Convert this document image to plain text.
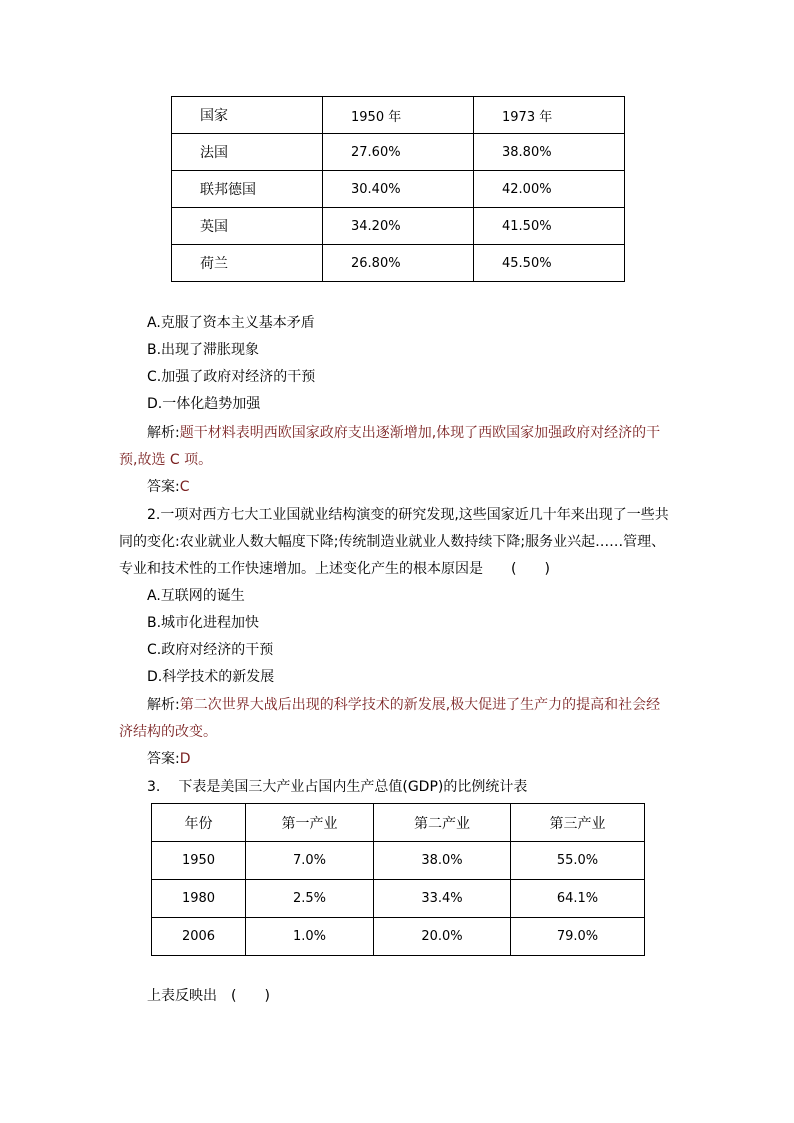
国家	1950 年	1973 年
法国	27.60%	38.80%
联邦德国	30.40%	42.00%
英国	34.20%	41.50%
荷兰	26.80%	45.50%
A.克服了资本主义基本矛盾
B.出现了滞胀现象
C.加强了政府对经济的干预
D.一体化趋势加强
解析:题干材料表明西欧国家政府支出逐渐增加,体现了西欧国家加强政府对经济的干
预,故选 C 项。
答案:C
2.一项对西方七大工业国就业结构演变的研究发现,这些国家近几十年来出现了一些共
同的变化:农业就业人数大幅度下降;传统制造业就业人数持续下降;服务业兴起……管理、
专业和技术性的工作快速增加。上述变化产生的根本原因是　　(　　)
A.互联网的诞生
B.城市化进程加快
C.政府对经济的干预
D.科学技术的新发展
解析:第二次世界大战后出现的科学技术的新发展,极大促进了生产力的提高和社会经
济结构的改变。
答案:D
3. 下表是美国三大产业占国内生产总值(GDP)的比例统计表
年份	第一产业	第二产业	第三产业
1950	7.0%	38.0%	55.0%
1980	2.5%	33.4%	64.1%
2006	1.0%	20.0%	79.0%
上表反映出　(　　)
